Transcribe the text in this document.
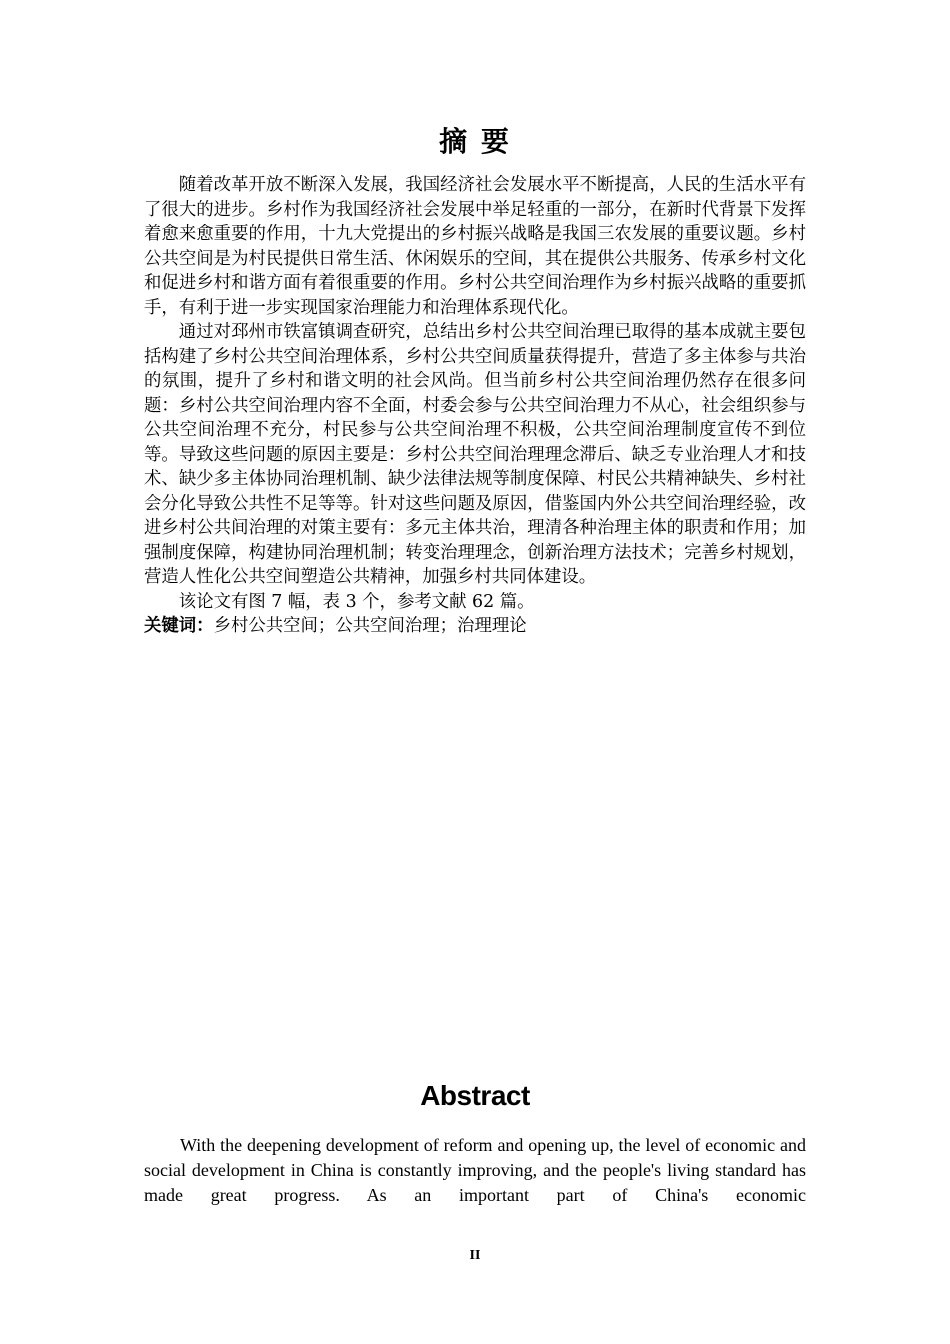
摘 要

随着改革开放不断深入发展，我国经济社会发展水平不断提高，人民的生活水平有了很大的进步。乡村作为我国经济社会发展中举足轻重的一部分，在新时代背景下发挥着愈来愈重要的作用，十九大党提出的乡村振兴战略是我国三农发展的重要议题。乡村公共空间是为村民提供日常生活、休闲娱乐的空间，其在提供公共服务、传承乡村文化和促进乡村和谐方面有着很重要的作用。乡村公共空间治理作为乡村振兴战略的重要抓手，有利于进一步实现国家治理能力和治理体系现代化。

通过对邳州市铁富镇调查研究，总结出乡村公共空间治理已取得的基本成就主要包括构建了乡村公共空间治理体系，乡村公共空间质量获得提升，营造了多主体参与共治的氛围，提升了乡村和谐文明的社会风尚。但当前乡村公共空间治理仍然存在很多问题：乡村公共空间治理内容不全面，村委会参与公共空间治理力不从心，社会组织参与公共空间治理不充分，村民参与公共空间治理不积极，公共空间治理制度宣传不到位等。导致这些问题的原因主要是：乡村公共空间治理理念滞后、缺乏专业治理人才和技术、缺少多主体协同治理机制、缺少法律法规等制度保障、村民公共精神缺失、乡村社会分化导致公共性不足等等。针对这些问题及原因，借鉴国内外公共空间治理经验，改进乡村公共间治理的对策主要有：多元主体共治，理清各种治理主体的职责和作用；加强制度保障，构建协同治理机制；转变治理理念，创新治理方法技术；完善乡村规划，营造人性化公共空间塑造公共精神，加强乡村共同体建设。

该论文有图 7 幅，表 3 个，参考文献 62 篇。

关键词：乡村公共空间；公共空间治理；治理理论
Abstract

With the deepening development of reform and opening up, the level of economic and social development in China is constantly improving, and the people's living standard has made great progress. As an important part of China's economic

II
